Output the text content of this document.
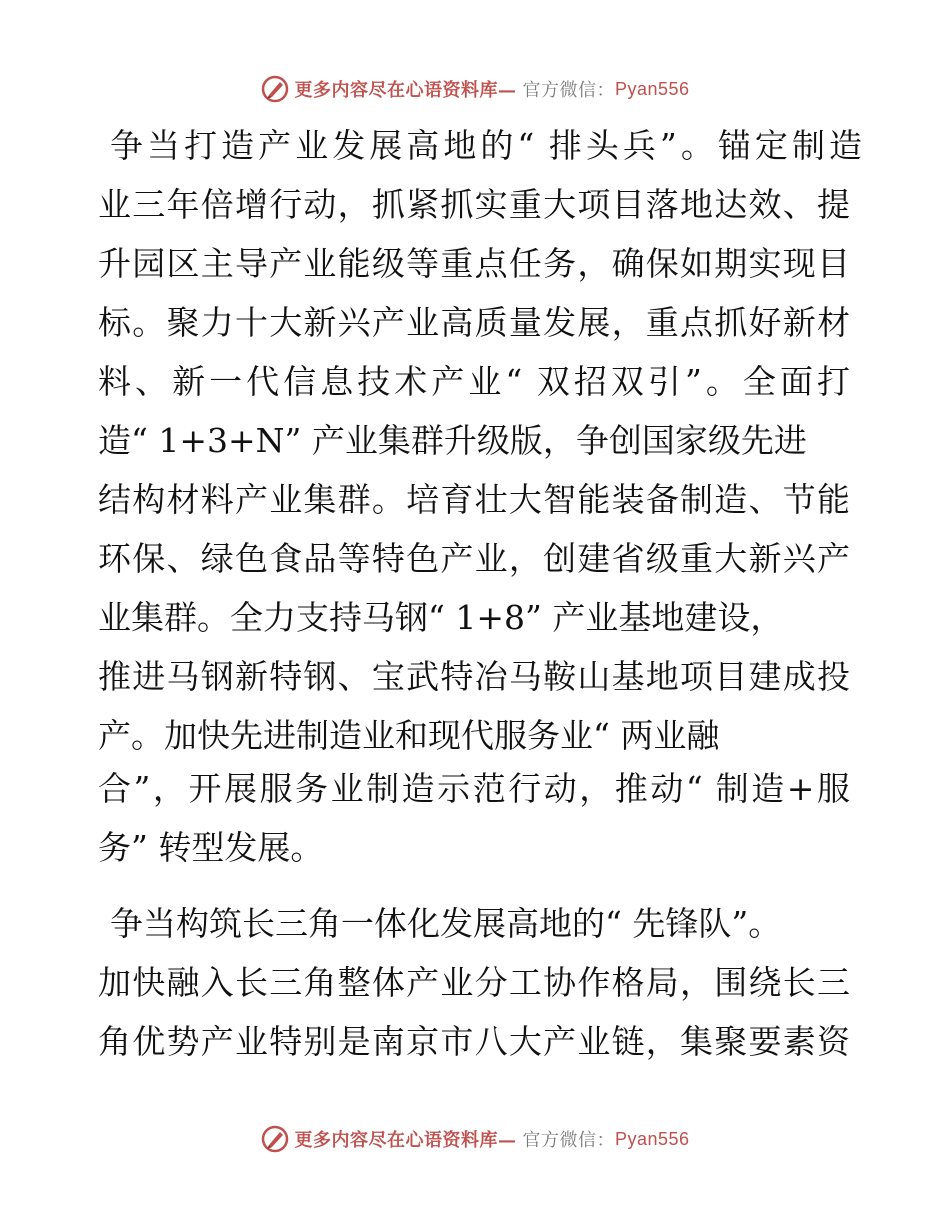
更多内容尽在心语资料库— 官方微信： Pyan556
争当打造产业发展高地的“ 排头兵”。锚定制造
业三年倍增行动，抓紧抓实重大项目落地达效、提
升园区主导产业能级等重点任务，确保如期实现目
标。聚力十大新兴产业高质量发展，重点抓好新材
料、新一代信息技术产业“ 双招双引”。全面打
造“ 1+3+N” 产业集群升级版，争创国家级先进
结构材料产业集群。培育壮大智能装备制造、节能
环保、绿色食品等特色产业，创建省级重大新兴产
业集群。全力支持马钢“ 1+8” 产业基地建设，
推进马钢新特钢、宝武特冶马鞍山基地项目建成投
产。加快先进制造业和现代服务业“ 两业融
合”，开展服务业制造示范行动，推动“ 制造+服
务” 转型发展。
争当构筑长三角一体化发展高地的“ 先锋队”。
加快融入长三角整体产业分工协作格局，围绕长三
角优势产业特别是南京市八大产业链，集聚要素资
更多内容尽在心语资料库— 官方微信： Pyan556
